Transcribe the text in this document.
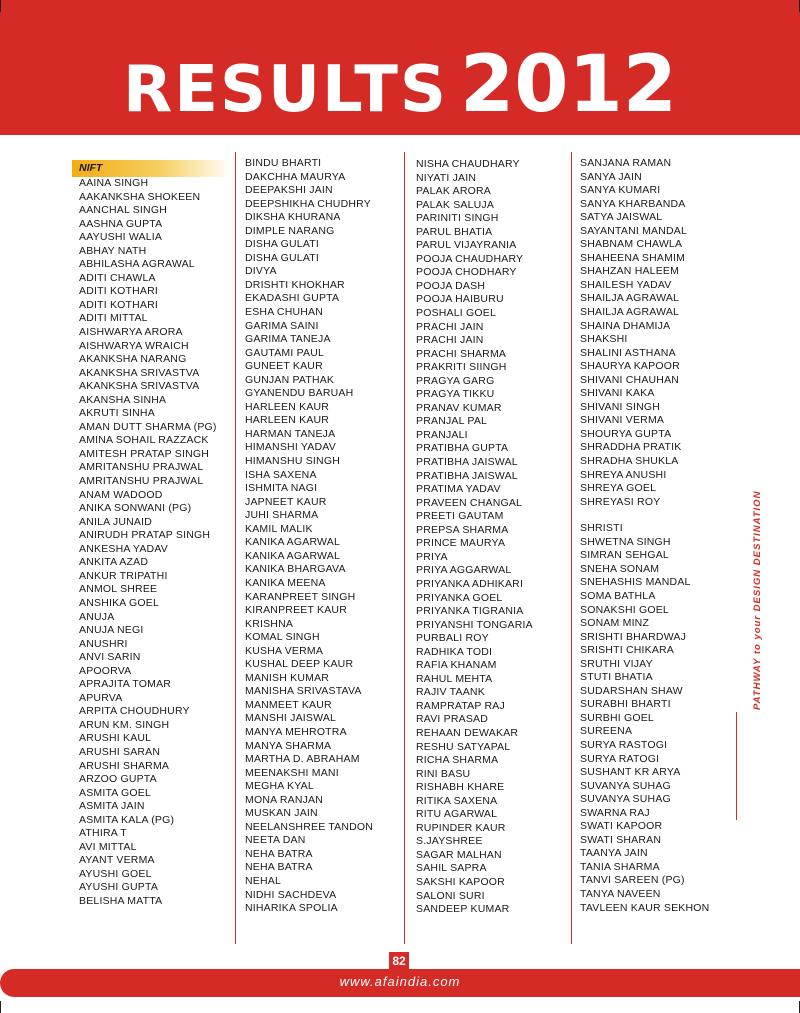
RESULTS 2012
NIFT
AAINA SINGH
AAKANKSHA SHOKEEN
AANCHAL SINGH
AASHNA GUPTA
AAYUSHI WALIA
ABHAY NATH
ABHILASHA AGRAWAL
ADITI CHAWLA
ADITI KOTHARI
ADITI KOTHARI
ADITI MITTAL
AISHWARYA ARORA
AISHWARYA WRAICH
AKANKSHA NARANG
AKANKSHA SRIVASTVA
AKANKSHA SRIVASTVA
AKANSHA SINHA
AKRUTI SINHA
AMAN DUTT SHARMA (PG)
AMINA SOHAIL RAZZACK
AMITESH PRATAP SINGH
AMRITANSHU PRAJWAL
AMRITANSHU PRAJWAL
ANAM WADOOD
ANIKA SONWANI (PG)
ANILA JUNAID
ANIRUDH PRATAP SINGH
ANKESHA YADAV
ANKITA AZAD
ANKUR TRIPATHI
ANMOL SHREE
ANSHIKA GOEL
ANUJA
ANUJA NEGI
ANUSHRI
ANVI SARIN
APOORVA
APRAJITA TOMAR
APURVA
ARPITA CHOUDHURY
ARUN KM. SINGH
ARUSHI KAUL
ARUSHI SARAN
ARUSHI SHARMA
ARZOO GUPTA
ASMITA GOEL
ASMITA JAIN
ASMITA KALA (PG)
ATHIRA T
AVI MITTAL
AYANT VERMA
AYUSHI GOEL
AYUSHI GUPTA
BELISHA MATTA
BINDU BHARTI
DAKCHHA MAURYA
DEEPAKSHI JAIN
DEEPSHIKHA CHUDHRY
DIKSHA KHURANA
DIMPLE NARANG
DISHA GULATI
DISHA GULATI
DIVYA
DRISHTI KHOKHAR
EKADASHI GUPTA
ESHA CHUHAN
GARIMA SAINI
GARIMA TANEJA
GAUTAMI PAUL
GUNEET KAUR
GUNJAN PATHAK
GYANENDU BARUAH
HARLEEN KAUR
HARLEEN KAUR
HARMAN TANEJA
HIMANSHI YADAV
HIMANSHU SINGH
ISHA SAXENA
ISHMITA NAGI
JAPNEET KAUR
JUHI SHARMA
KAMIL MALIK
KANIKA AGARWAL
KANIKA AGARWAL
KANIKA BHARGAVA
KANIKA MEENA
KARANPREET SINGH
KIRANPREET KAUR
KRISHNA
KOMAL SINGH
KUSHA VERMA
KUSHAL DEEP KAUR
MANISH KUMAR
MANISHA SRIVASTAVA
MANMEET KAUR
MANSHI JAISWAL
MANYA MEHROTRA
MANYA SHARMA
MARTHA D. ABRAHAM
MEENAKSHI MANI
MEGHA KYAL
MONA RANJAN
MUSKAN JAIN
NEELANSHREE TANDON
NEETA DAN
NEHA BATRA
NEHA BATRA
NEHAL
NIDHI SACHDEVA
NIHARIKA SPOLIA
NISHA CHAUDHARY
NIYATI JAIN
PALAK ARORA
PALAK SALUJA
PARINITI SINGH
PARUL BHATIA
PARUL VIJAYRANIA
POOJA CHAUDHARY
POOJA CHODHARY
POOJA DASH
POOJA HAIBURU
POSHALI GOEL
PRACHI JAIN
PRACHI JAIN
PRACHI SHARMA
PRAKRITI SIINGH
PRAGYA GARG
PRAGYA TIKKU
PRANAV KUMAR
PRANJAL PAL
PRANJALI
PRATIBHA GUPTA
PRATIBHA JAISWAL
PRATIBHA JAISWAL
PRATIMA YADAV
PRAVEEN CHANGAL
PREETI GAUTAM
PREPSA SHARMA
PRINCE MAURYA
PRIYA
PRIYA AGGARWAL
PRIYANKA ADHIKARI
PRIYANKA GOEL
PRIYANKA TIGRANIA
PRIYANSHI TONGARIA
PURBALI ROY
RADHIKA TODI
RAFIA KHANAM
RAHUL MEHTA
RAJIV TAANK
RAMPRATAP RAJ
RAVI PRASAD
REHAAN DEWAKAR
RESHU SATYAPAL
RICHA SHARMA
RINI BASU
RISHABH KHARE
RITIKA SAXENA
RITU AGARWAL
RUPINDER KAUR
S.JAYSHREE
SAGAR MALHAN
SAHIL SAPRA
SAKSHI KAPOOR
SALONI SURI
SANDEEP KUMAR
SANJANA RAMAN
SANYA JAIN
SANYA KUMARI
SANYA KHARBANDA
SATYA JAISWAL
SAYANTANI MANDAL
SHABNAM CHAWLA
SHAHEENA SHAMIM
SHAHZAN HALEEM
SHAILESH YADAV
SHAILJA AGRAWAL
SHAILJA AGRAWAL
SHAINA DHAMIJA
SHAKSHI
SHALINI ASTHANA
SHAURYA KAPOOR
SHIVANI CHAUHAN
SHIVANI KAKA
SHIVANI SINGH
SHIVANI VERMA
SHOURYA GUPTA
SHRADDHA PRATIK
SHRADHA SHUKLA
SHREYA ANUSHI
SHREYA GOEL
SHREYASI ROY
SHRISTI
SHWETNA SINGH
SIMRAN SEHGAL
SNEHA SONAM
SNEHASHIS MANDAL
SOMA BATHLA
SONAKSHI GOEL
SONAM MINZ
SRISHTI BHARDWAJ
SRISHTI CHIKARA
SRUTHI VIJAY
STUTI BHATIA
SUDARSHAN SHAW
SURABHI BHARTI
SURBHI GOEL
SUREENA
SURYA RASTOGI
SURYA RATOGI
SUSHANT KR ARYA
SUVANYA SUHAG
SUVANYA SUHAG
SWARNA RAJ
SWATI KAPOOR
SWATI SHARAN
TAANYA JAIN
TANIA SHARMA
TANVI SAREEN (PG)
TANYA NAVEEN
TAVLEEN KAUR SEKHON
PATHWAY to your DESIGN DESTINATION
www.afaindia.com
82
